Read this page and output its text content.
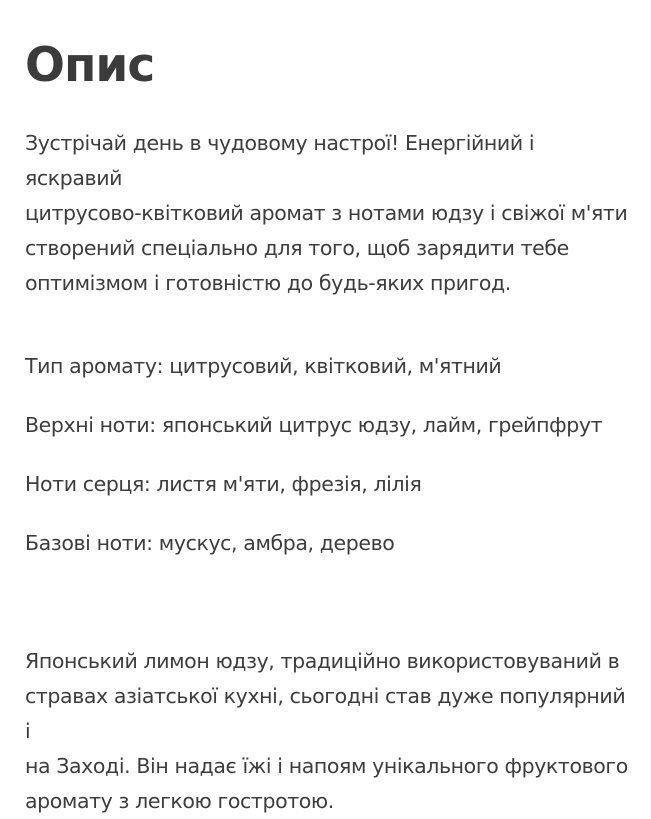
Опис
Зустрічай день в чудовому настрої! Енергійний і яскравий
цитрусово-квітковий аромат з нотами юдзу і свіжої м'яти
створений спеціально для того, щоб зарядити тебе
оптимізмом і готовністю до будь-яких пригод.
Тип аромату: цитрусовий, квітковий, м'ятний
Верхні ноти: японський цитрус юдзу, лайм, грейпфрут
Ноти серця: листя м'яти, фрезія, лілія
Базові ноти: мускус, амбра, дерево
Японський лимон юдзу, традиційно використовуваний в
стравах азіатської кухні, сьогодні став дуже популярний і
на Заході. Він надає їжі і напоям унікального фруктового
аромату з легкою гостротою.
